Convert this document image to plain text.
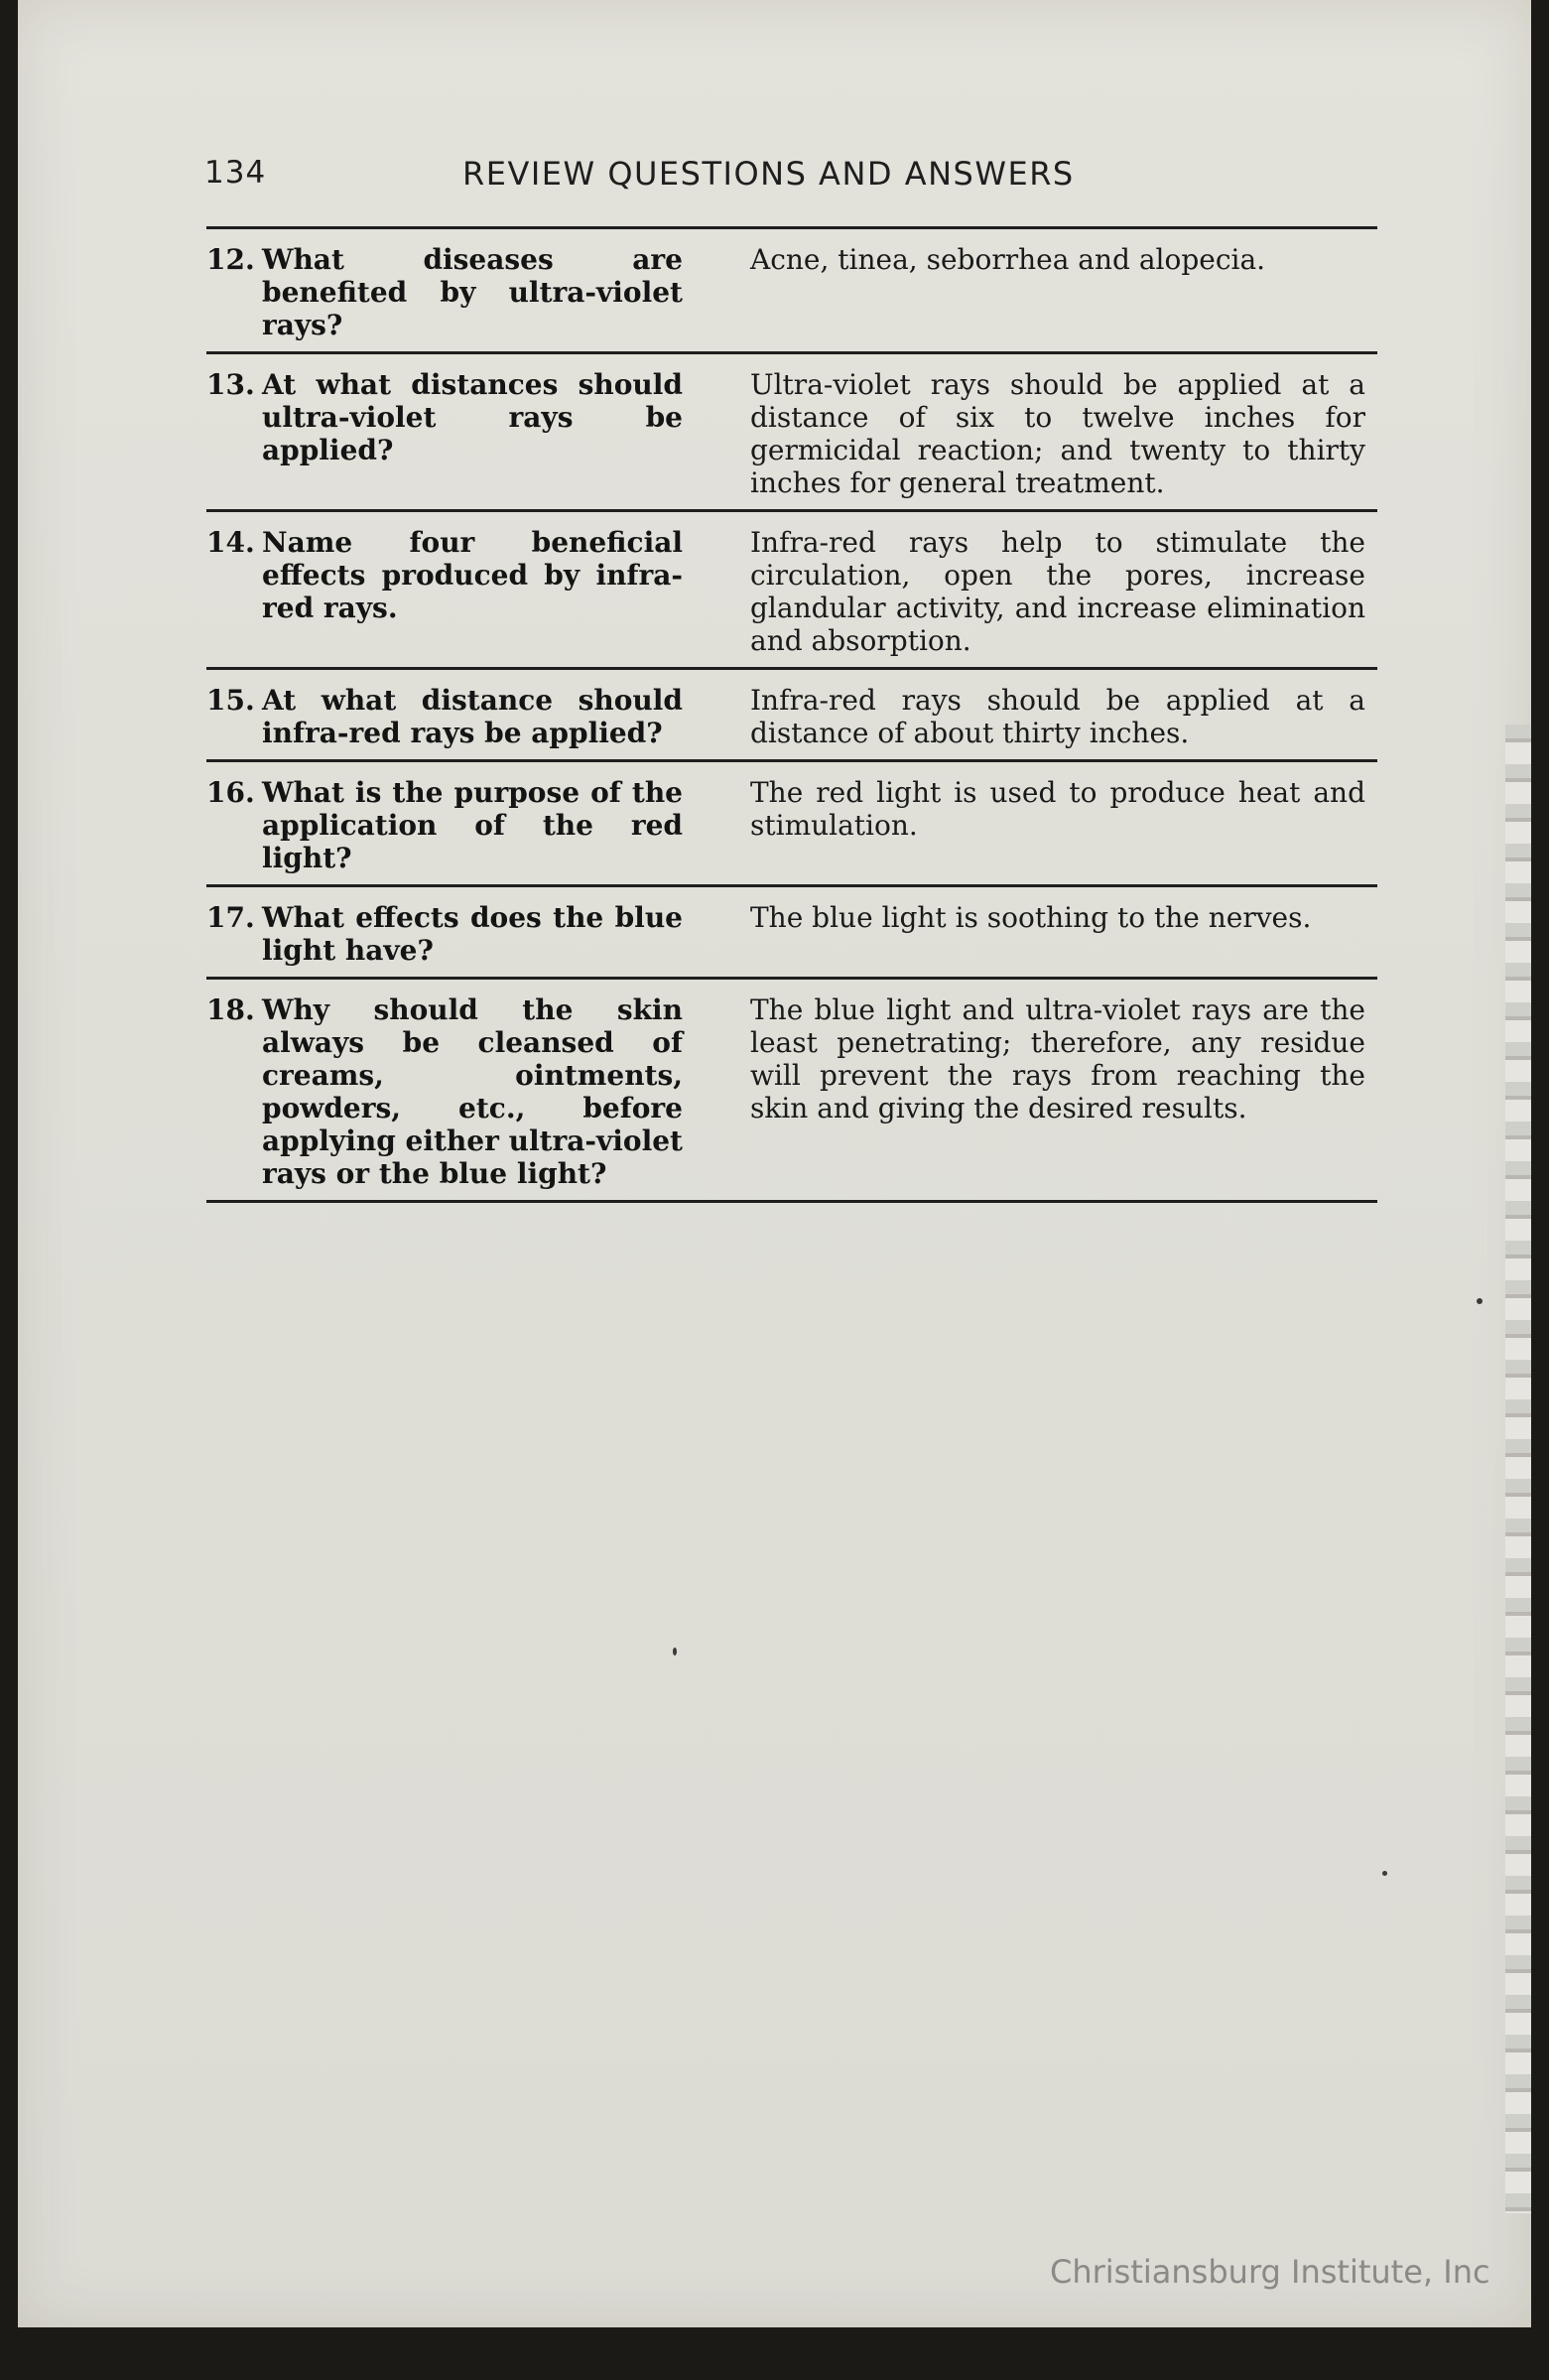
134	REVIEW QUESTIONS AND ANSWERS
12. What diseases are benefited by ultra-violet rays?
Acne, tinea, seborrhea and alopecia.
13. At what distances should ultra-violet rays be applied?
Ultra-violet rays should be applied at a distance of six to twelve inches for germicidal reaction; and twenty to thirty inches for general treatment.
14. Name four beneficial effects produced by infra-red rays.
Infra-red rays help to stimulate the circulation, open the pores, increase glandular activity, and increase elimination and absorption.
15. At what distance should infra-red rays be applied?
Infra-red rays should be applied at a distance of about thirty inches.
16. What is the purpose of the application of the red light?
The red light is used to produce heat and stimulation.
17. What effects does the blue light have?
The blue light is soothing to the nerves.
18. Why should the skin always be cleansed of creams, ointments, powders, etc., before applying either ultra-violet rays or the blue light?
The blue light and ultra-violet rays are the least penetrating; therefore, any residue will prevent the rays from reaching the skin and giving the desired results.
Christiansburg Institute, Inc
